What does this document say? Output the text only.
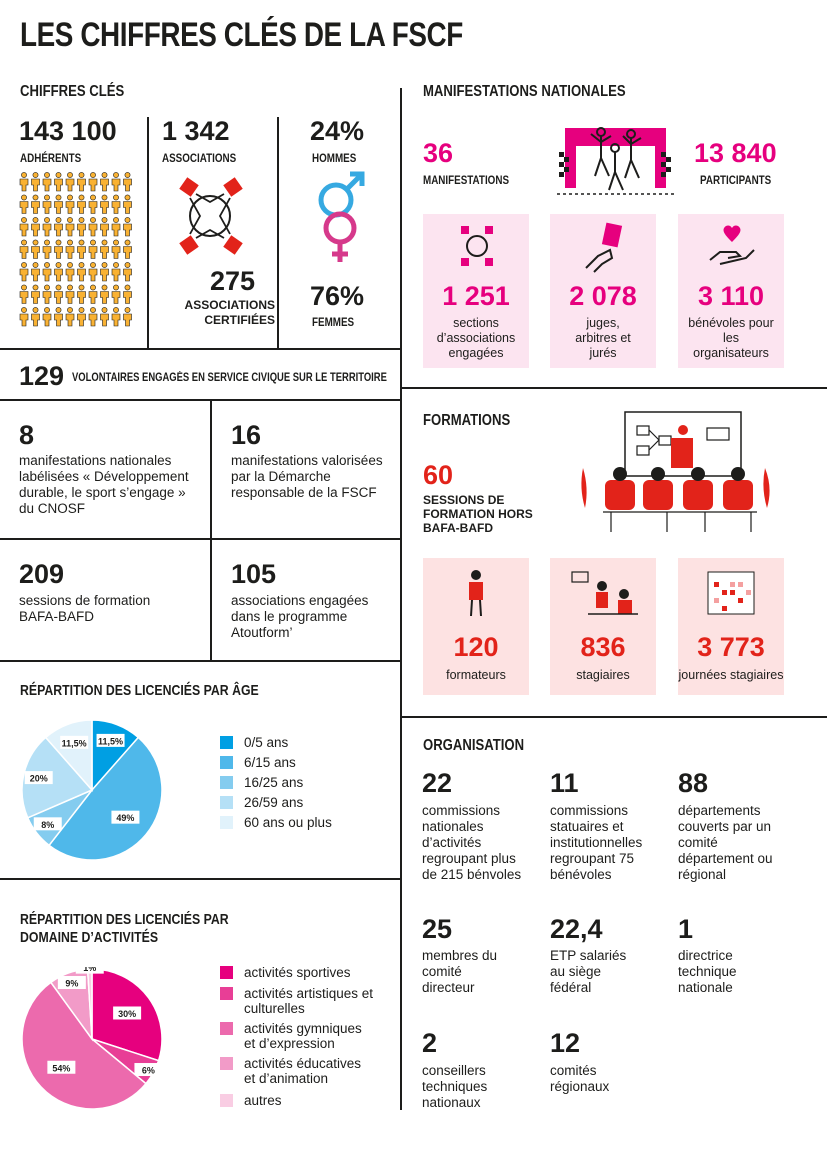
LES CHIFFRES CLÉS DE LA FSCF
CHIFFRES CLÉS
143 100
ADHÉRENTS
1 342
ASSOCIATIONS
275
ASSOCIATIONS CERTIFIÉES
24%
HOMMES
76%
FEMMES
129 VOLONTAIRES ENGAGÉS EN SERVICE CIVIQUE SUR LE TERRITOIRE
8
manifestations nationales labélisées « Développement durable, le sport s’engage » du CNOSF
16
manifestations valorisées par la Démarche responsable de la FSCF
209
sessions de formation BAFA-BAFD
105
associations engagées dans le programme Atoutform’
RÉPARTITION DES LICENCIÉS PAR ÂGE
11,5%
49%
8%
20%
11,5%	0/5 ans
6/15 ans
16/25 ans
26/59 ans
60 ans ou plus
RÉPARTITION DES LICENCIÉS PAR
DOMAINE D’ACTIVITÉS
30%
6%
54%
9%
1%	activités sportives
activités artistiques et culturelles
activités gymniques et d’expression
activités éducatives et d’animation
autres
MANIFESTATIONS NATIONALES
36
MANIFESTATIONS
13 840
PARTICIPANTS
1 251
sections d’associations engagées
2 078
juges, arbitres et jurés
3 110
bénévoles pour les organisateurs
FORMATIONS
60
SESSIONS DE FORMATION HORS BAFA-BAFD
120
formateurs
836
stagiaires
3 773
journées stagiaires
ORGANISATION
22
commissions nationales d’activités regroupant plus de 215 bénvoles
11
commissions statuaires et institutionnelles regroupant 75 bénévoles
88
départements couverts par un comité département ou régional
25
membres du comité directeur
22,4
ETP salariés au siège fédéral
1
directrice technique nationale
2
conseillers techniques nationaux
12
comités régionaux
